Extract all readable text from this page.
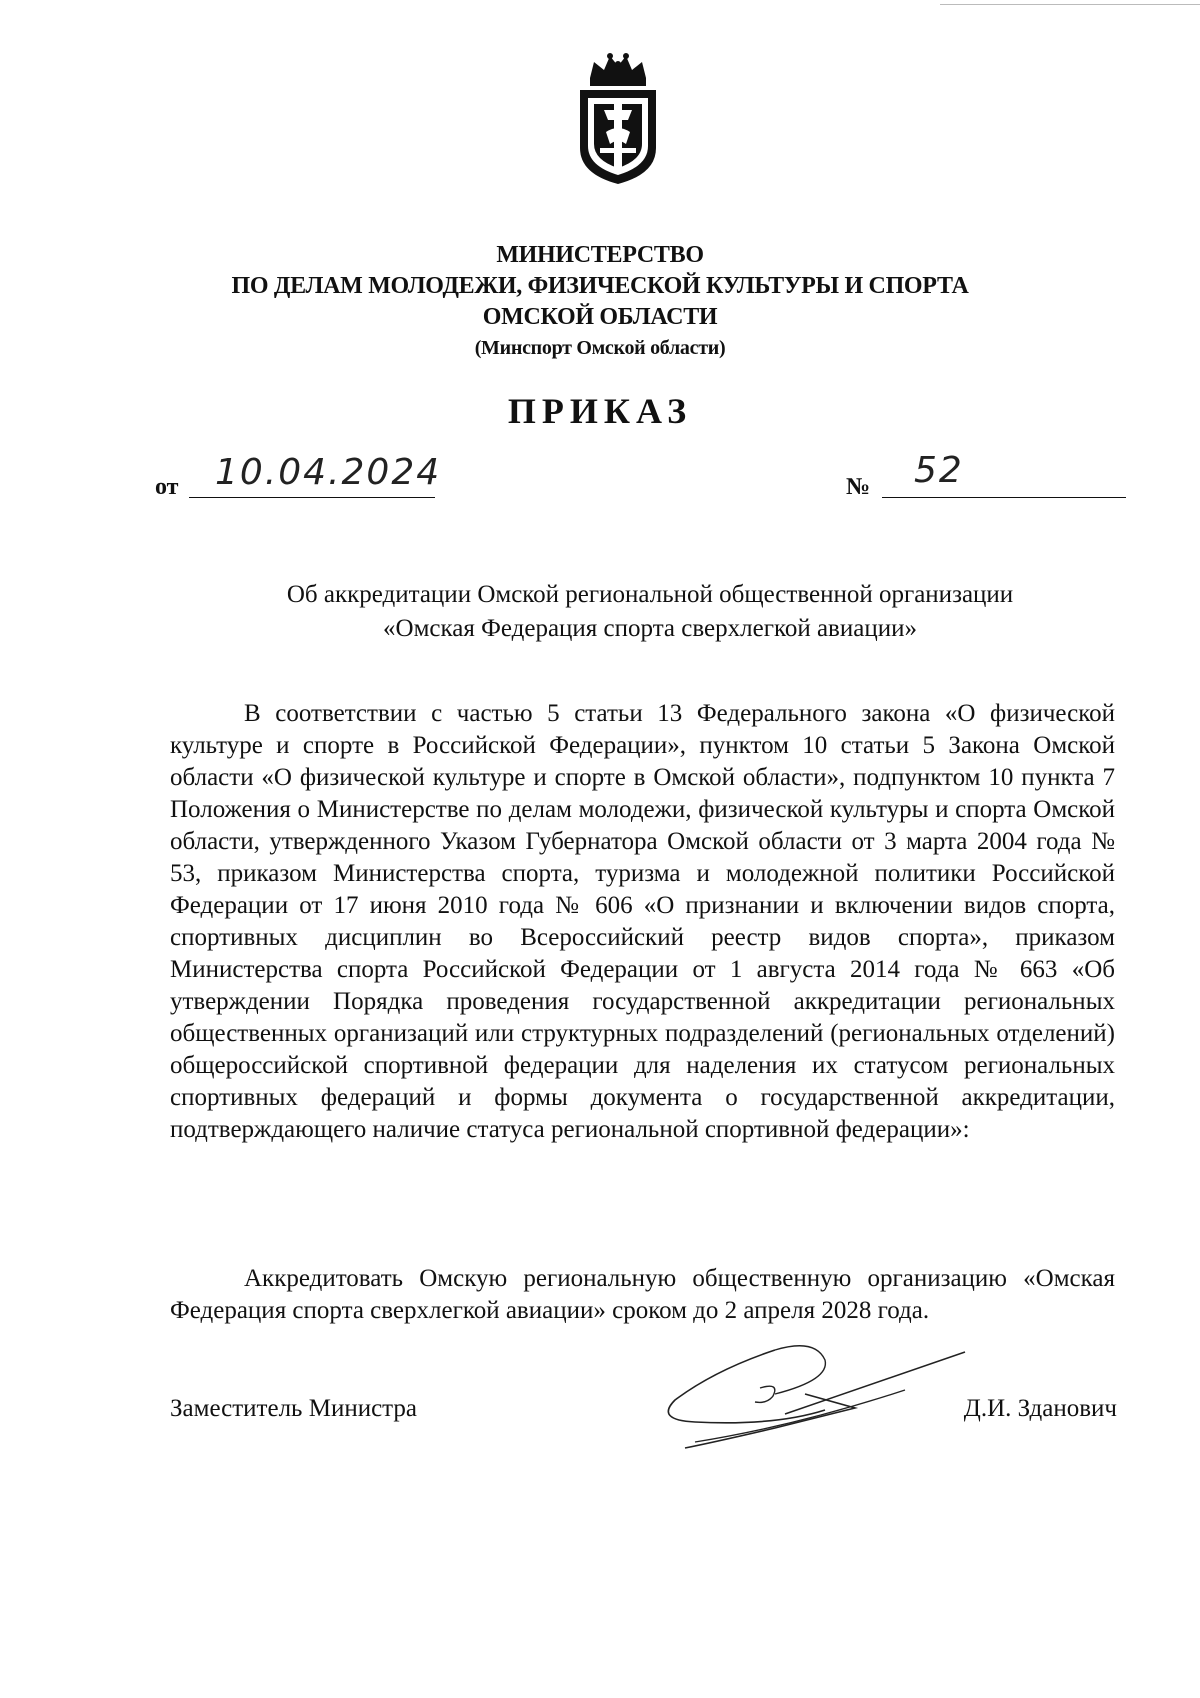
МИНИСТЕРСТВО
ПО ДЕЛАМ МОЛОДЕЖИ, ФИЗИЧЕСКОЙ КУЛЬТУРЫ И СПОРТА
ОМСКОЙ ОБЛАСТИ
(Минспорт Омской области)
ПРИКАЗ
от 10.04.2024	№ 52
Об аккредитации Омской региональной общественной организации
«Омская Федерация спорта сверхлегкой авиации»

В соответствии с частью 5 статьи 13 Федерального закона «О физической культуре и спорте в Российской Федерации», пунктом 10 статьи 5 Закона Омской области «О физической культуре и спорте в Омской области», подпунктом 10 пункта 7 Положения о Министерстве по делам молодежи, физической культуры и спорта Омской области, утвержденного Указом Губернатора Омской области от 3 марта 2004 года № 53, приказом Министерства спорта, туризма и молодежной политики Российской Федерации от 17 июня 2010 года № 606 «О признании и включении видов спорта, спортивных дисциплин во Всероссийский реестр видов спорта», приказом Министерства спорта Российской Федерации от 1 августа 2014 года № 663 «Об утверждении Порядка проведения государственной аккредитации региональных общественных организаций или структурных подразделений (региональных отделений) общероссийской спортивной федерации для наделения их статусом региональных спортивных федераций и формы документа о государственной аккредитации, подтверждающего наличие статуса региональной спортивной федерации»:

Аккредитовать Омскую региональную общественную организацию «Омская Федерация спорта сверхлегкой авиации» сроком до 2 апреля 2028 года.

Заместитель Министра	Д.И. Зданович
